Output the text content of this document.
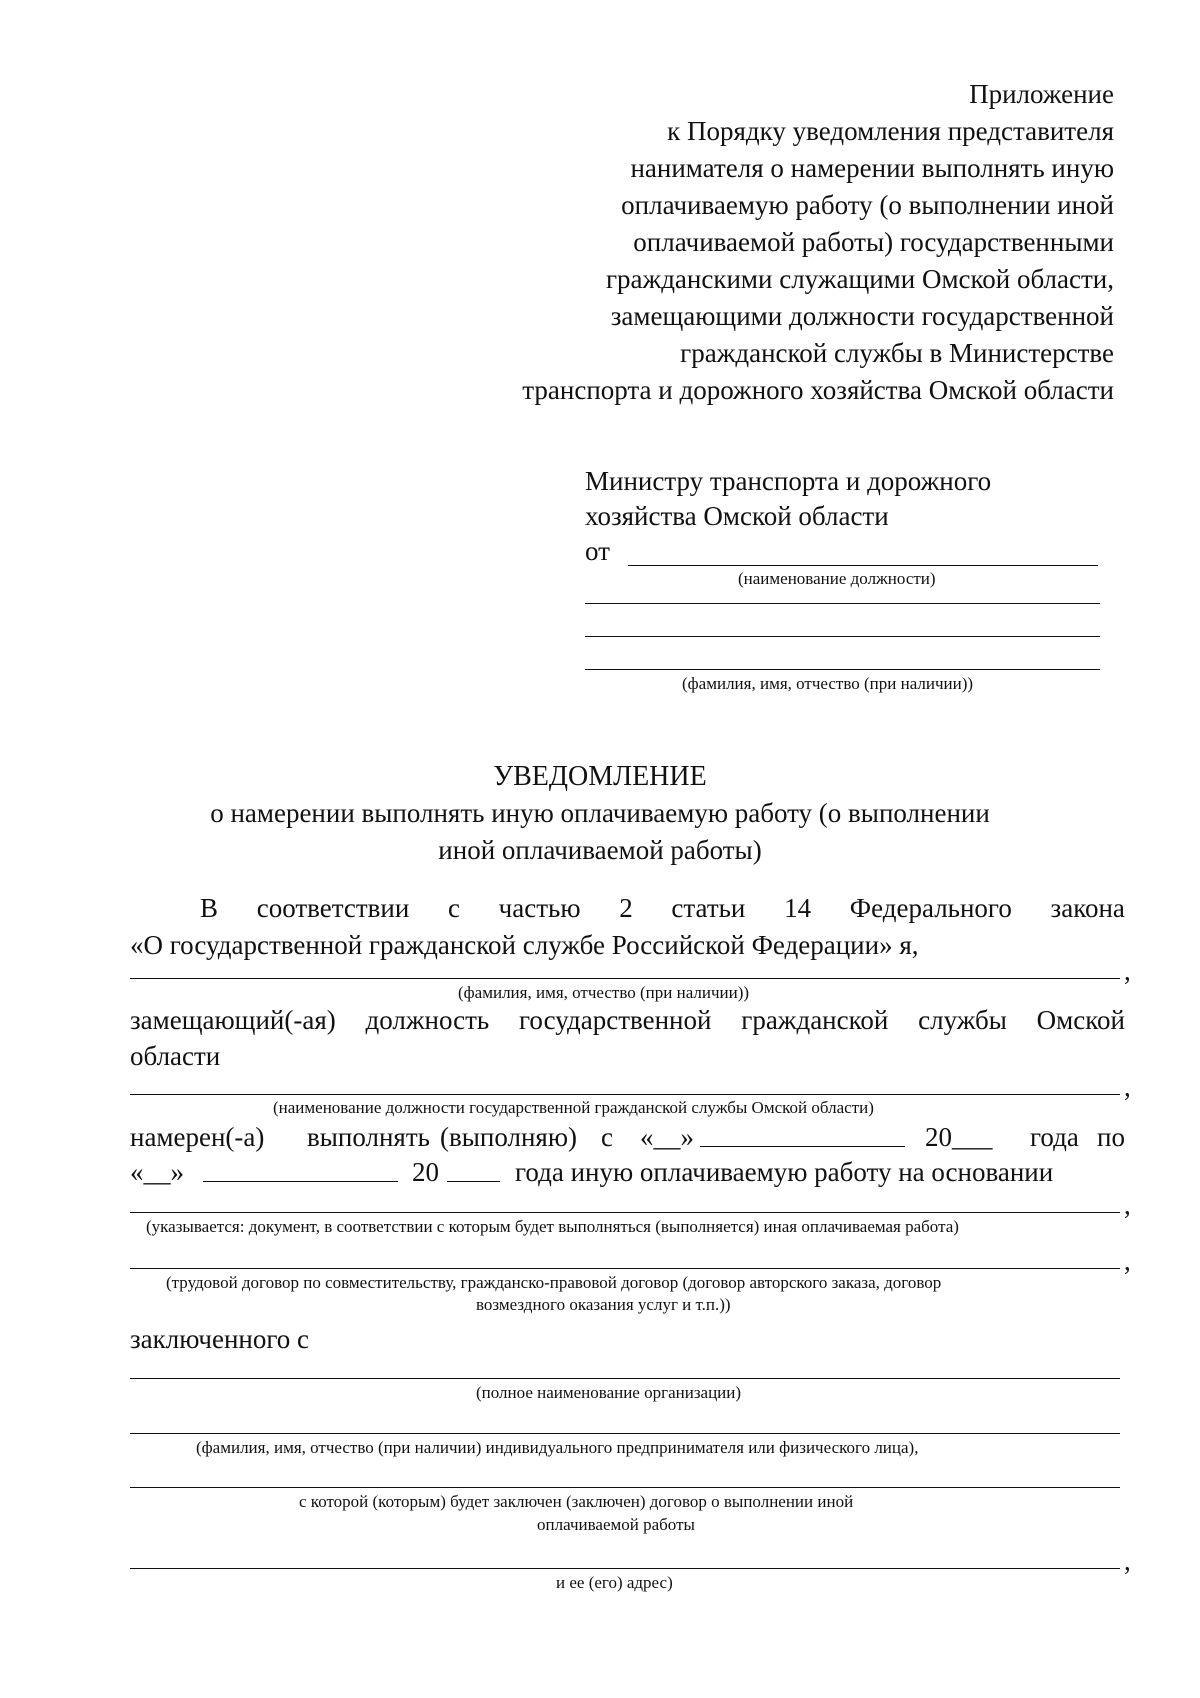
Приложение
к Порядку уведомления представителя
нанимателя о намерении выполнять иную
оплачиваемую работу (о выполнении иной
оплачиваемой работы) государственными
гражданскими служащими Омской области,
замещающими должности государственной
гражданской службы в Министерстве
транспорта и дорожного хозяйства Омской области
Министру транспорта и дорожного
хозяйства Омской области
от
(наименование должности)
(фамилия, имя, отчество (при наличии))
УВЕДОМЛЕНИЕ
о намерении выполнять иную оплачиваемую работу (о выполнении
иной оплачиваемой работы)
В соответствии с частью 2 статьи 14 Федерального закона
«О государственной гражданской службе Российской Федерации» я,
,
(фамилия, имя, отчество (при наличии))
замещающий(-ая) должность государственной гражданской службы Омской
области
,
(наименование должности государственной гражданской службы Омской области)
намерен(-а) выполнять (выполняю) с «__»	20___ года по
«__»	20	года иную оплачиваемую работу на основании
,
(указывается: документ, в соответствии с которым будет выполняться (выполняется) иная оплачиваемая работа)
,
(трудовой договор по совместительству, гражданско-правовой договор (договор авторского заказа, договор
возмездного оказания услуг и т.п.))
заключенного с
(полное наименование организации)
(фамилия, имя, отчество (при наличии) индивидуального предпринимателя или физического лица),
с которой (которым) будет заключен (заключен) договор о выполнении иной
оплачиваемой работы
,
и ее (его) адрес)
